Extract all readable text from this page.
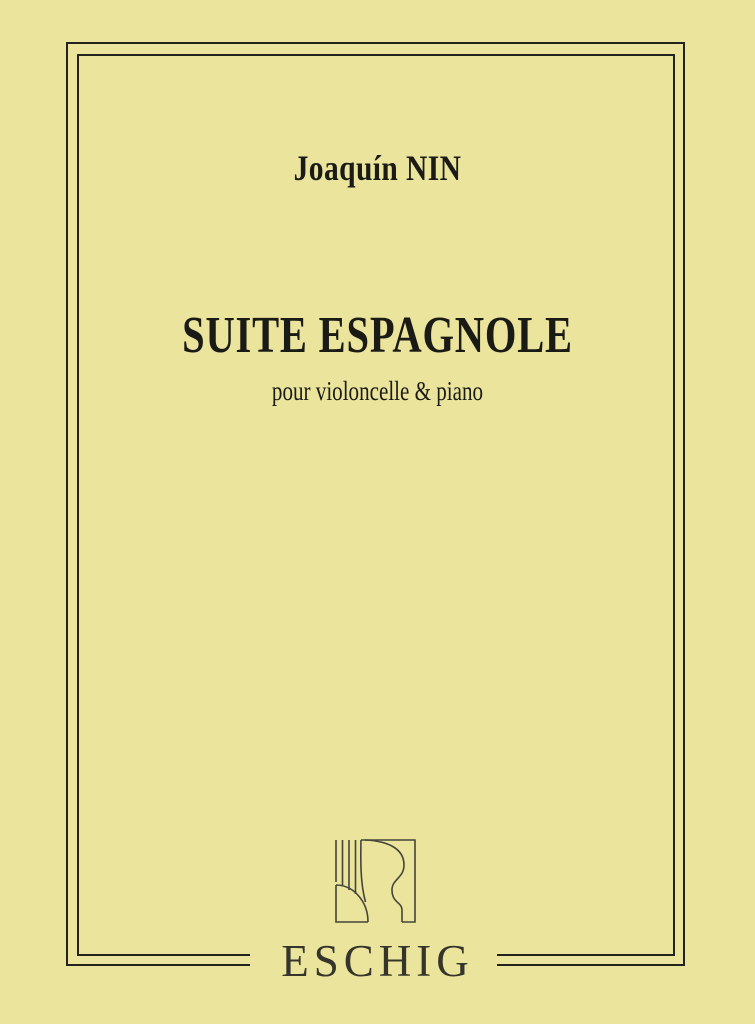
Joaquín NIN
SUITE ESPAGNOLE
pour violoncelle & piano
ESCHIG
